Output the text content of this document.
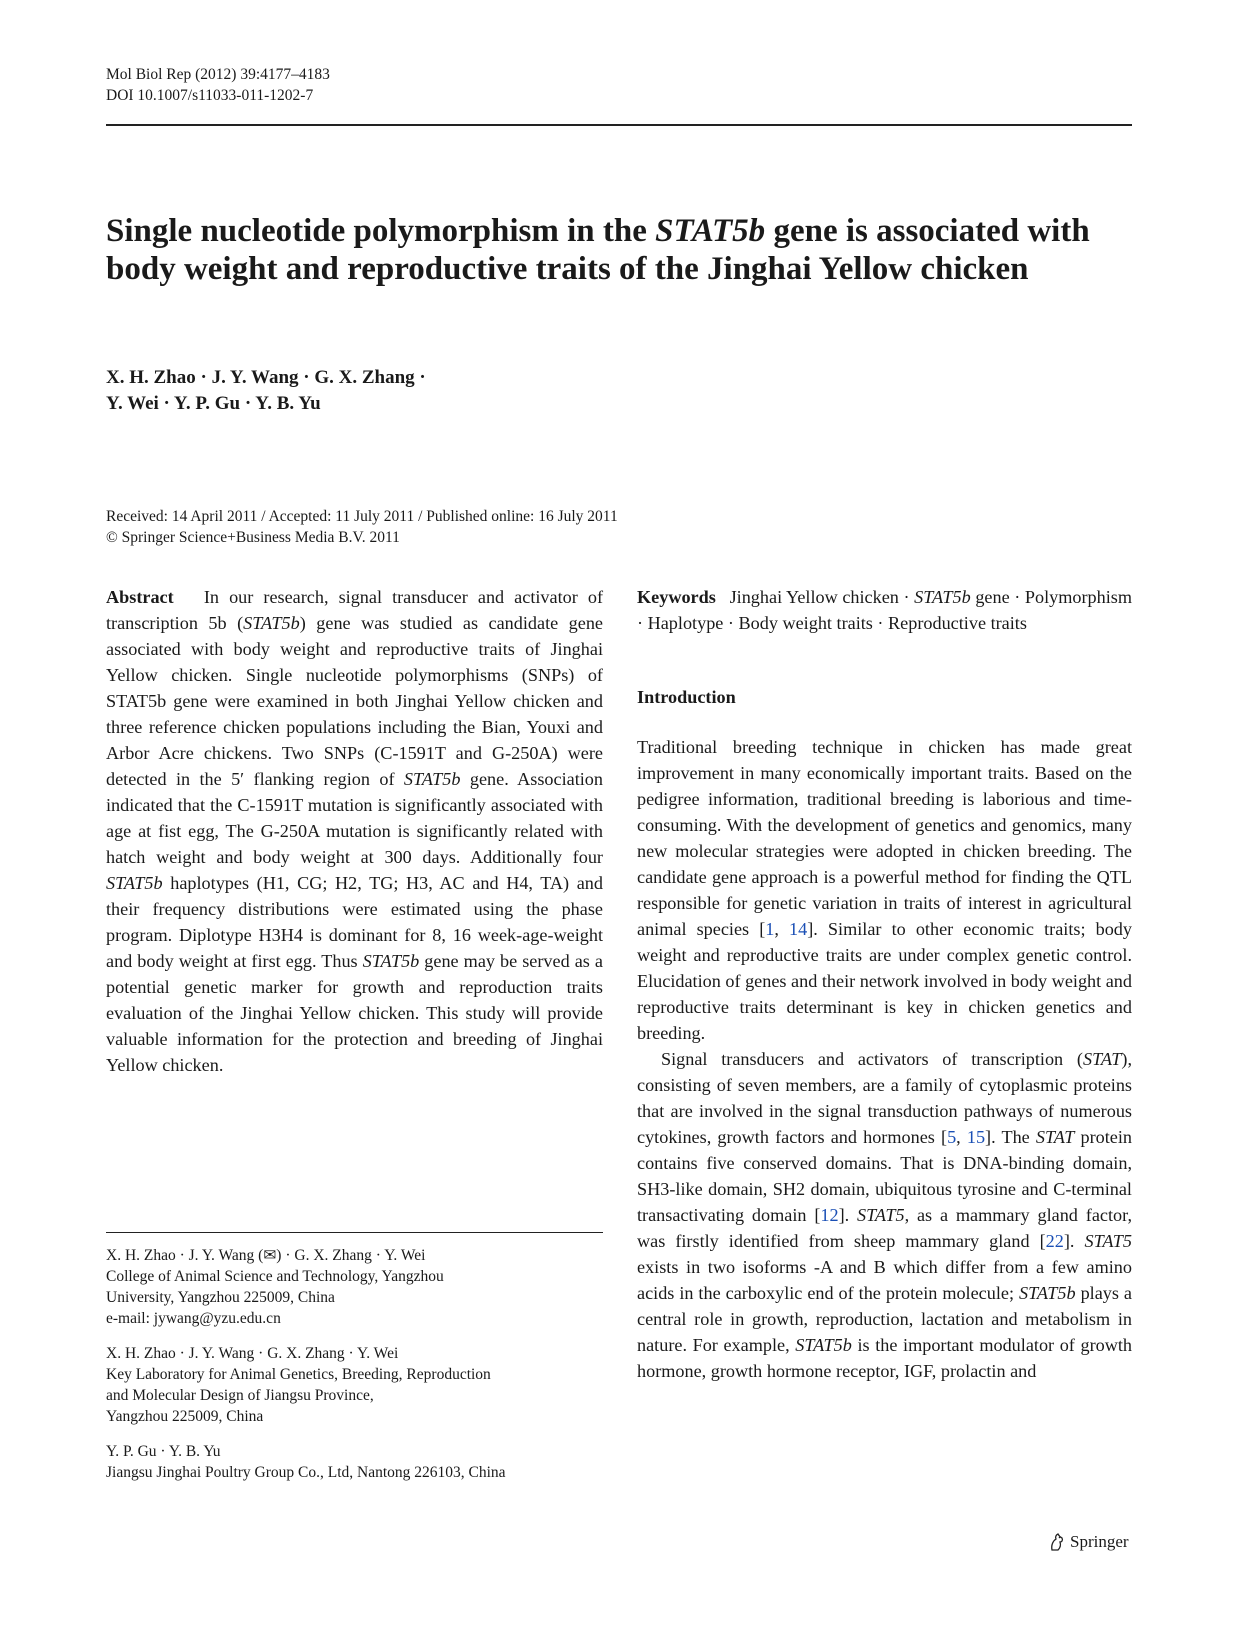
Mol Biol Rep (2012) 39:4177–4183
DOI 10.1007/s11033-011-1202-7
Single nucleotide polymorphism in the STAT5b gene is associated with body weight and reproductive traits of the Jinghai Yellow chicken
X. H. Zhao · J. Y. Wang · G. X. Zhang ·
Y. Wei · Y. P. Gu · Y. B. Yu
Received: 14 April 2011 / Accepted: 11 July 2011 / Published online: 16 July 2011
© Springer Science+Business Media B.V. 2011

Abstract In our research, signal transducer and activator of transcription 5b (STAT5b) gene was studied as candidate gene associated with body weight and reproductive traits of Jinghai Yellow chicken. Single nucleotide polymorphisms (SNPs) of STAT5b gene were examined in both Jinghai Yellow chicken and three reference chicken populations including the Bian, Youxi and Arbor Acre chickens. Two SNPs (C-1591T and G-250A) were detected in the 5′ flanking region of STAT5b gene. Association indicated that the C-1591T mutation is significantly associated with age at fist egg, The G-250A mutation is significantly related with hatch weight and body weight at 300 days. Additionally four STAT5b haplotypes (H1, CG; H2, TG; H3, AC and H4, TA) and their frequency distributions were estimated using the phase program. Diplotype H3H4 is dominant for 8, 16 week-age-weight and body weight at first egg. Thus STAT5b gene may be served as a potential genetic marker for growth and reproduction traits evaluation of the Jinghai Yellow chicken. This study will provide valuable information for the protection and breeding of Jinghai Yellow chicken.

Keywords Jinghai Yellow chicken · STAT5b gene · Polymorphism · Haplotype · Body weight traits · Reproductive traits

Introduction

Traditional breeding technique in chicken has made great improvement in many economically important traits. Based on the pedigree information, traditional breeding is laborious and time-consuming. With the development of genetics and genomics, many new molecular strategies were adopted in chicken breeding. The candidate gene approach is a powerful method for finding the QTL responsible for genetic variation in traits of interest in agricultural animal species [1, 14]. Similar to other economic traits; body weight and reproductive traits are under complex genetic control. Elucidation of genes and their network involved in body weight and reproductive traits determinant is key in chicken genetics and breeding.

Signal transducers and activators of transcription (STAT), consisting of seven members, are a family of cytoplasmic proteins that are involved in the signal transduction pathways of numerous cytokines, growth factors and hormones [5, 15]. The STAT protein contains five conserved domains. That is DNA-binding domain, SH3-like domain, SH2 domain, ubiquitous tyrosine and C-terminal transactivating domain [12]. STAT5, as a mammary gland factor, was firstly identified from sheep mammary gland [22]. STAT5 exists in two isoforms -A and B which differ from a few amino acids in the carboxylic end of the protein molecule; STAT5b plays a central role in growth, reproduction, lactation and metabolism in nature. For example, STAT5b is the important modulator of growth hormone, growth hormone receptor, IGF, prolactin and

X. H. Zhao · J. Y. Wang (✉) · G. X. Zhang · Y. Wei
College of Animal Science and Technology, Yangzhou
University, Yangzhou 225009, China
e-mail: jywang@yzu.edu.cn
X. H. Zhao · J. Y. Wang · G. X. Zhang · Y. Wei
Key Laboratory for Animal Genetics, Breeding, Reproduction
and Molecular Design of Jiangsu Province,
Yangzhou 225009, China
Y. P. Gu · Y. B. Yu
Jiangsu Jinghai Poultry Group Co., Ltd, Nantong 226103, China
Springer
